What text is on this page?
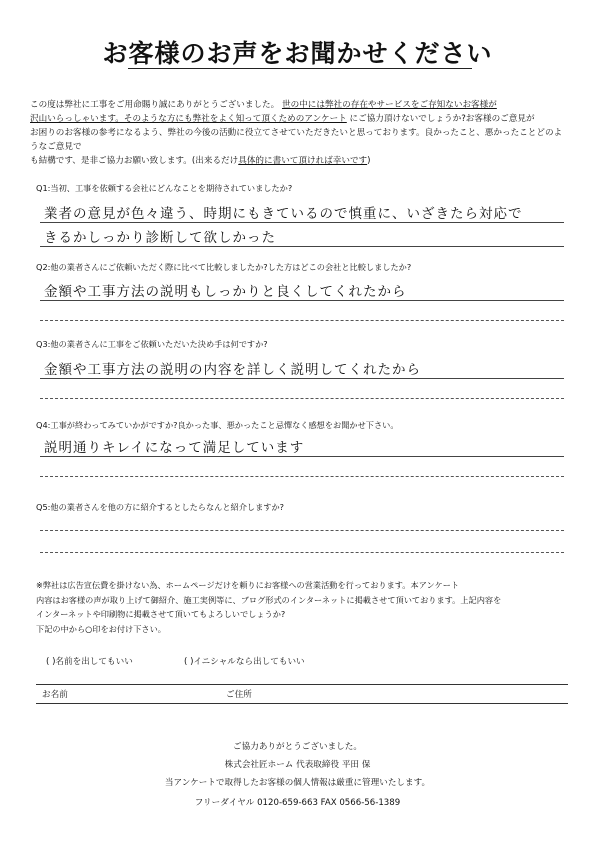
お客様のお声をお聞かせください
この度は弊社に工事をご用命賜り誠にありがとうございました。 世の中には弊社の存在やサービスをご存知ないお客様が
沢山いらっしゃいます。そのような方にも弊社をよく知って頂くためのアンケート にご協力頂けないでしょうか?お客様のご意見が
お困りのお客様の参考になるよう、弊社の今後の活動に役立てさせていただきたいと思っております。良かったこと、悪かったことどのようなご意見で
も結構です、是非ご協力お願い致します。(出来るだけ具体的に書いて頂ければ幸いです)
Q1:当初、工事を依頼する会社にどんなことを期待されていましたか?
業者の意見が色々違う、時期にもきているので慎重に、いざきたら対応で
きるかしっかり診断して欲しかった
Q2:他の業者さんにご依頼いただく際に比べて比較しましたか?した方はどこの会社と比較しましたか?
金額や工事方法の説明もしっかりと良くしてくれたから
Q3:他の業者さんに工事をご依頼いただいた決め手は何ですか?
金額や工事方法の説明の内容を詳しく説明してくれたから
Q4:工事が終わってみていかがですか?良かった事、悪かったこと忌憚なく感想をお聞かせ下さい。
説明通りキレイになって満足しています
Q5:他の業者さんを他の方に紹介するとしたらなんと紹介しますか?
※弊社は広告宣伝費を掛けない為、ホームページだけを頼りにお客様への営業活動を行っております。本アンケート
内容はお客様の声が取り上げて御紹介、施工実例等に、ブログ形式のインターネットに掲載させて頂いております。上記内容を
インターネットや印刷物に掲載させて頂いてもよろしいでしょうか?
下記の中から○印をお付け下さい。
( )名前を出してもいい	( )イニシャルなら出してもいい
お名前	ご住所
ご協力ありがとうございました。
株式会社匠ホーム 代表取締役 平田 保
当アンケートで取得したお客様の個人情報は厳重に管理いたします。
フリーダイヤル 0120-659-663 FAX 0566-56-1389
